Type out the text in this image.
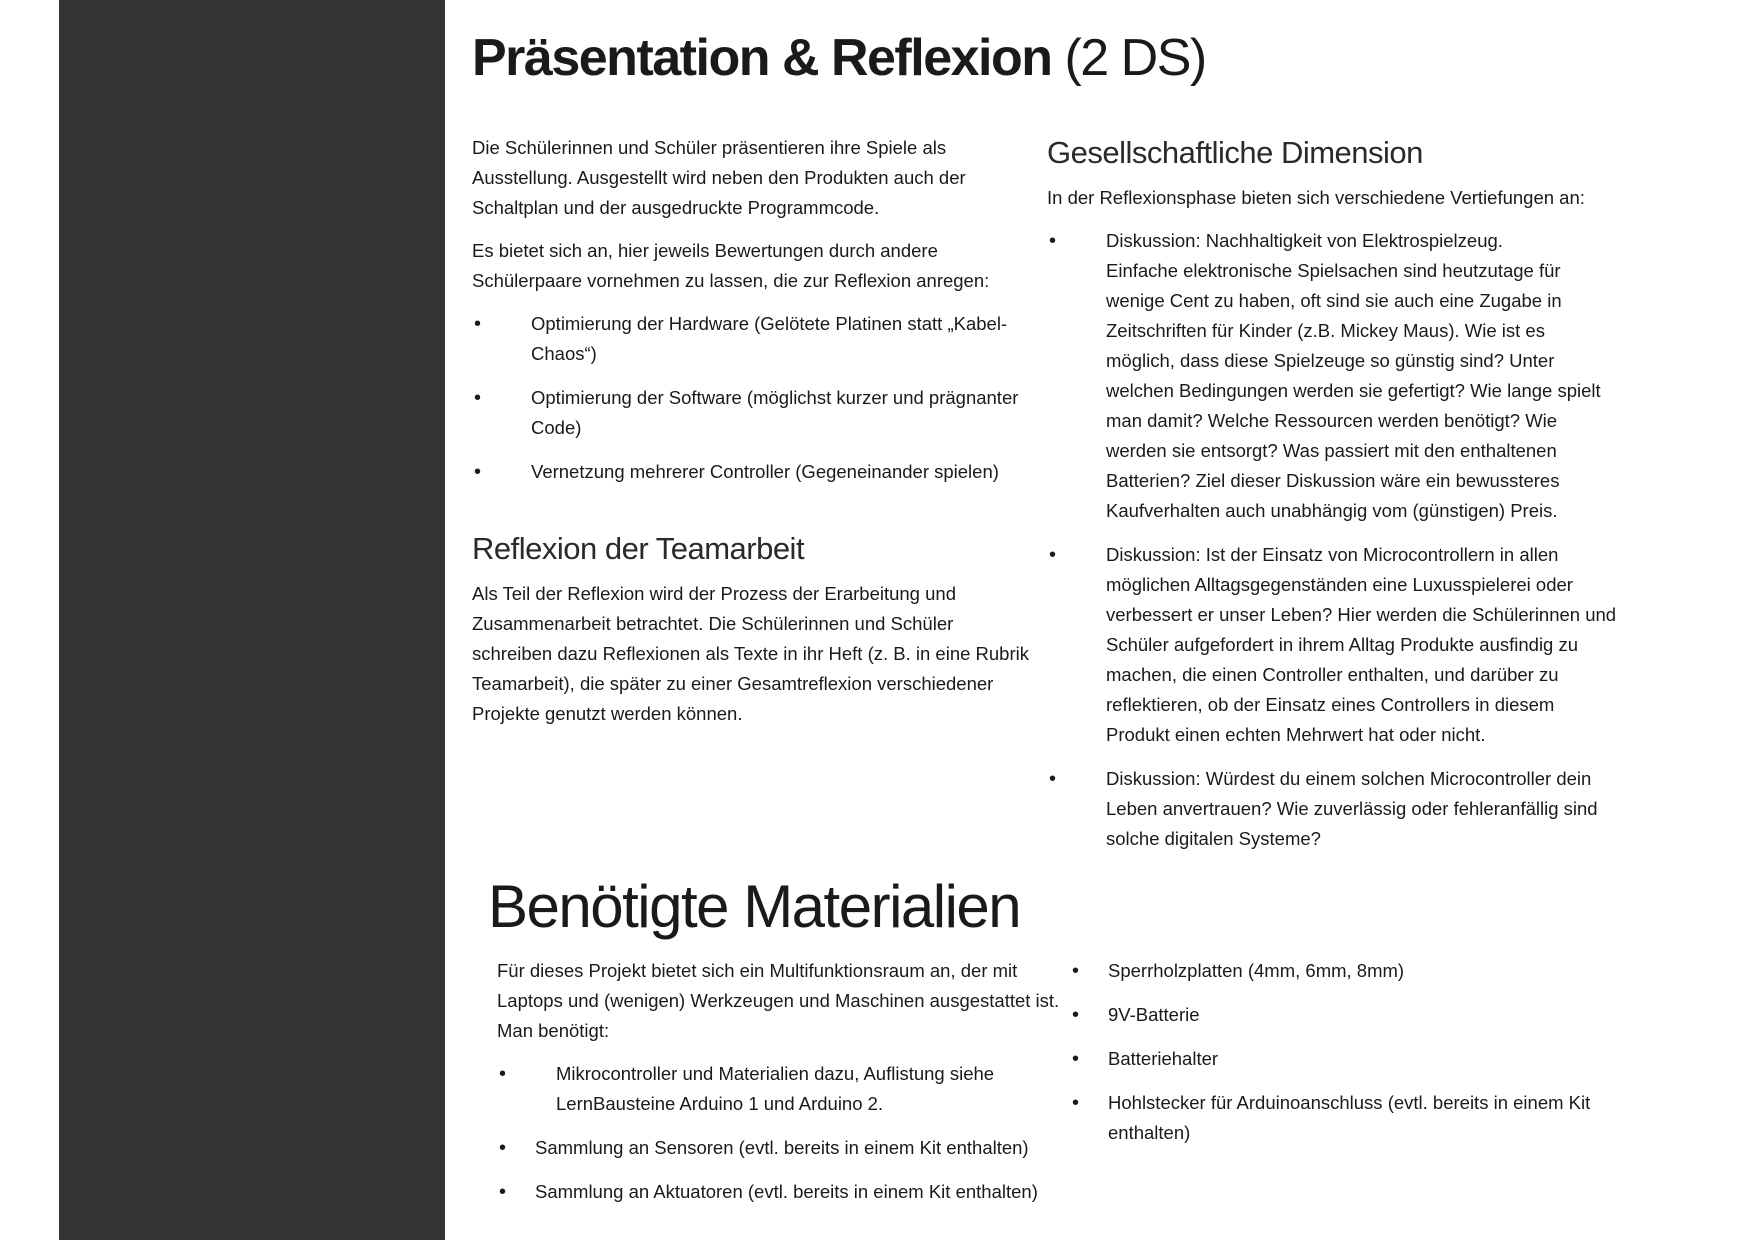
Präsentation & Reflexion (2 DS)

Die Schülerinnen und Schüler präsentieren ihre Spiele als Ausstellung. Ausgestellt wird neben den Produkten auch der Schaltplan und der ausgedruckte Programmcode.

Es bietet sich an, hier jeweils Bewertungen durch andere Schülerpaare vornehmen zu lassen, die zur Reflexion anregen:

•	Optimierung der Hardware (Gelötete Platinen statt „Kabel-Chaos“)
•	Optimierung der Software (möglichst kurzer und prägnanter Code)
•	Vernetzung mehrerer Controller (Gegeneinander spielen)
Reflexion der Teamarbeit

Als Teil der Reflexion wird der Prozess der Erarbeitung und Zusammenarbeit betrachtet. Die Schülerinnen und Schüler schreiben dazu Reflexionen als Texte in ihr Heft (z. B. in eine Rubrik Teamarbeit), die später zu einer Gesamtreflexion verschiedener Projekte genutzt werden können.

Gesellschaftliche Dimension

In der Reflexionsphase bieten sich verschiedene Vertiefungen an:

•	Diskussion: Nachhaltigkeit von Elektrospielzeug.
Einfache elektronische Spielsachen sind heutzutage für wenige Cent zu haben, oft sind sie auch eine Zugabe in Zeitschriften für Kinder (z.B. Mickey Maus). Wie ist es möglich, dass diese Spielzeuge so günstig sind? Unter welchen Bedingungen werden sie gefertigt? Wie lange spielt man damit? Welche Ressourcen werden benötigt? Wie werden sie entsorgt? Was passiert mit den enthaltenen Batterien? Ziel dieser Diskussion wäre ein bewussteres Kaufverhalten auch unabhängig vom (günstigen) Preis.
•	Diskussion: Ist der Einsatz von Microcontrollern in allen möglichen Alltagsgegenständen eine Luxusspielerei oder verbessert er unser Leben? Hier werden die Schülerinnen und Schüler aufgefordert in ihrem Alltag Produkte ausfindig zu machen, die einen Controller enthalten, und darüber zu reflektieren, ob der Einsatz eines Controllers in diesem Produkt einen echten Mehrwert hat oder nicht.
•	Diskussion: Würdest du einem solchen Microcontroller dein Leben anvertrauen? Wie zuverlässig oder fehleranfällig sind solche digitalen Systeme?
Benötigte Materialien

Für dieses Projekt bietet sich ein Multifunktionsraum an, der mit Laptops und (wenigen) Werkzeugen und Maschinen ausgestattet ist. Man benötigt:

•	Mikrocontroller und Materialien dazu, Auflistung siehe LernBausteine Arduino 1 und Arduino 2.
• Sammlung an Sensoren (evtl. bereits in einem Kit enthalten)
• Sammlung an Aktuatoren (evtl. bereits in einem Kit enthalten)
• Sperrholzplatten (4mm, 6mm, 8mm)
• 9V-Batterie
• Batteriehalter
• Hohlstecker für Arduinoanschluss (evtl. bereits in einem Kit enthalten)
